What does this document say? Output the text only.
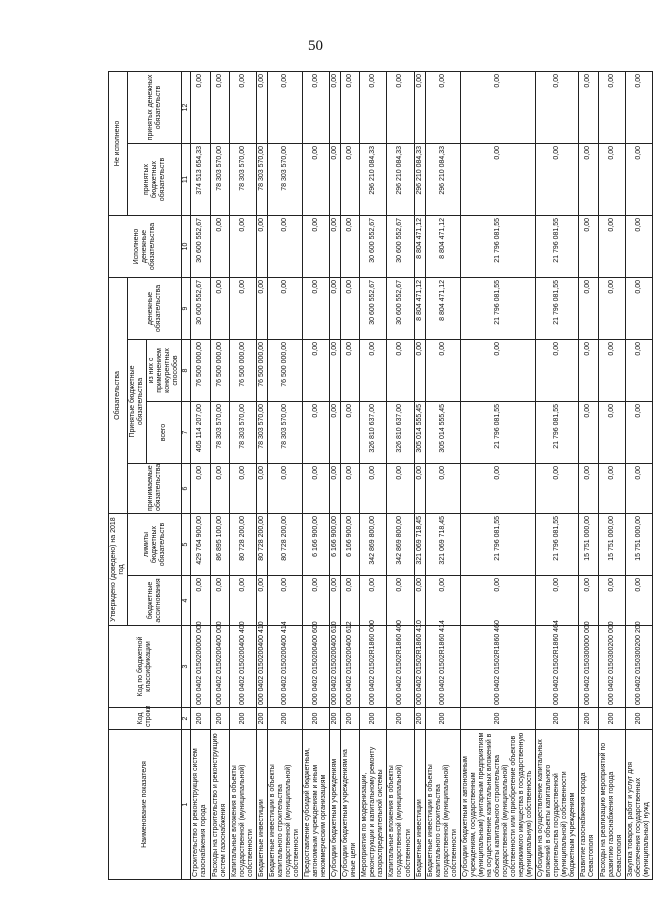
50
Наименование показателя	Код строки	Код по бюджетной классификации	Утверждено (доведено) на 2018 год		Обязательства				Исполнено денежные обязательства	Не исполнено	
			бюджетные ассигнования	лимиты бюджетных обязательств	принимаемые обязательства	Принятые бюджетные обязательства		денежные обязательства		принятых бюджетных обязательств	принятых денежных обязательств
						всего	из них с применением конкурентных способов				
1	2	3	4	5	6	7	8	9	10	11	12
Строительство и реконструкция систем газоснабжения города	200	000 0402 0150200000 000	0,00	429 764 900,00	0,00	405 114 207,00	76 500 000,00	30 600 552,67	30 600 552,67	374 513 654,33	0,00
Расходы на строительство и реконструкцию систем газоснабжения	200	000 0402 0150200400 000	0,00	86 895 100,00	0,00	78 303 570,00	76 500 000,00	0,00	0,00	78 303 570,00	0,00
Капитальные вложения в объекты государственной (муниципальной) собственности	200	000 0402 0150200400 400	0,00	80 728 200,00	0,00	78 303 570,00	76 500 000,00	0,00	0,00	78 303 570,00	0,00
Бюджетные инвестиции	200	000 0402 0150200400 410	0,00	80 728 200,00	0,00	78 303 570,00	76 500 000,00	0,00	0,00	78 303 570,00	0,00
Бюджетные инвестиции в объекты капитального строительства государственной (муниципальной) собственности	200	000 0402 0150200400 414	0,00	80 728 200,00	0,00	78 303 570,00	76 500 000,00	0,00	0,00	78 303 570,00	0,00
Предоставление субсидий бюджетным, автономным учреждениям и иным некоммерческим организациям	200	000 0402 0150200400 600	0,00	6 166 900,00	0,00	0,00	0,00	0,00	0,00	0,00	0,00
Субсидии бюджетным учреждениям	200	000 0402 0150200400 610	0,00	6 166 900,00	0,00	0,00	0,00	0,00	0,00	0,00	0,00
Субсидии бюджетным учреждениям на иные цели	200	000 0402 0150200400 612	0,00	6 166 900,00	0,00	0,00	0,00	0,00	0,00	0,00	0,00
Мероприятия по модернизации, реконструкции и капитальному ремонту газораспределительной системы	200	000 0402 01502R1860 000	0,00	342 869 800,00	0,00	326 810 637,00	0,00	30 600 552,67	30 600 552,67	296 210 084,33	0,00
Капитальные вложения в объекты государственной (муниципальной) собственности	200	000 0402 01502R1860 400	0,00	342 869 800,00	0,00	326 810 637,00	0,00	30 600 552,67	30 600 552,67	296 210 084,33	0,00
Бюджетные инвестиции	200	000 0402 01502R1860 410	0,00	321 069 718,45	0,00	305 014 555,45	0,00	8 804 471,12	8 804 471,12	296 210 084,33	0,00
Бюджетные инвестиции в объекты капитального строительства государственной (муниципальной) собственности	200	000 0402 01502R1860 414	0,00	321 069 718,45	0,00	305 014 555,45	0,00	8 804 471,12	8 804 471,12	296 210 084,33	0,00
Субсидии бюджетным и автономным учреждениям, государственным (муниципальным) унитарным предприятиям на осуществление капитальных вложений в объекты капитального строительства государственной (муниципальной) собственности или приобретение объектов недвижимого имущества в государственную (муниципальную) собственность	200	000 0402 01502R1860 460	0,00	21 796 081,55	0,00	21 796 081,55	0,00	21 796 081,55	21 796 081,55	0,00	0,00
Субсидии на осуществление капитальных вложений в объекты капитального строительства государственной (муниципальной) собственности бюджетным учреждениям	200	000 0402 01502R1860 464	0,00	21 796 081,55	0,00	21 796 081,55	0,00	21 796 081,55	21 796 081,55	0,00	0,00
Развитие газоснабжения города Севастополя	200	000 0402 0150300000 000	0,00	15 751 000,00	0,00	0,00	0,00	0,00	0,00	0,00	0,00
Расходы на реализацию мероприятий по развитию газоснабжения города Севастополя	200	000 0402 0150300200 000	0,00	15 751 000,00	0,00	0,00	0,00	0,00	0,00	0,00	0,00
Закупка товаров, работ и услуг для обеспечения государственных (муниципальных) нужд	200	000 0402 0150300200 200	0,00	15 751 000,00	0,00	0,00	0,00	0,00	0,00	0,00	0,00
